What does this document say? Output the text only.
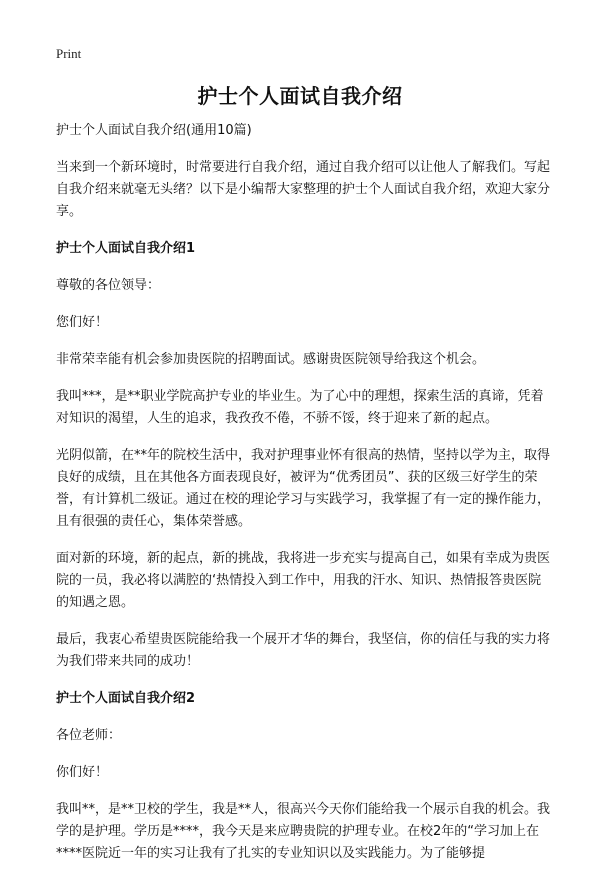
Print
护士个人面试自我介绍

护士个人面试自我介绍(通用10篇)

当来到一个新环境时，时常要进行自我介绍，通过自我介绍可以让他人了解我们。写起自我介绍来就毫无头绪？以下是小编帮大家整理的护士个人面试自我介绍，欢迎大家分享。

护士个人面试自我介绍1

尊敬的各位领导：

您们好！

非常荣幸能有机会参加贵医院的招聘面试。感谢贵医院领导给我这个机会。

我叫***，是**职业学院高护专业的毕业生。为了心中的理想，探索生活的真谛，凭着对知识的渴望，人生的追求，我孜孜不倦，不骄不馁，终于迎来了新的起点。

光阴似箭，在**年的院校生活中，我对护理事业怀有很高的热情，坚持以学为主，取得良好的成绩，且在其他各方面表现良好，被评为“优秀团员”、获的区级三好学生的荣誉，有计算机二级证。通过在校的理论学习与实践学习，我掌握了有一定的操作能力，且有很强的责任心，集体荣誉感。

面对新的环境，新的起点，新的挑战，我将进一步充实与提高自己，如果有幸成为贵医院的一员，我必将以满腔的‘热情投入到工作中，用我的汗水、知识、热情报答贵医院的知遇之恩。

最后，我衷心希望贵医院能给我一个展开才华的舞台，我坚信，你的信任与我的实力将为我们带来共同的成功！

护士个人面试自我介绍2

各位老师：

你们好！

我叫**，是**卫校的学生，我是**人，很高兴今天你们能给我一个展示自我的机会。我学的是护理。学历是****，我今天是来应聘贵院的护理专业。在校2年的“学习加上在****医院近一年的实习让我有了扎实的专业知识以及实践能力。为了能够提
